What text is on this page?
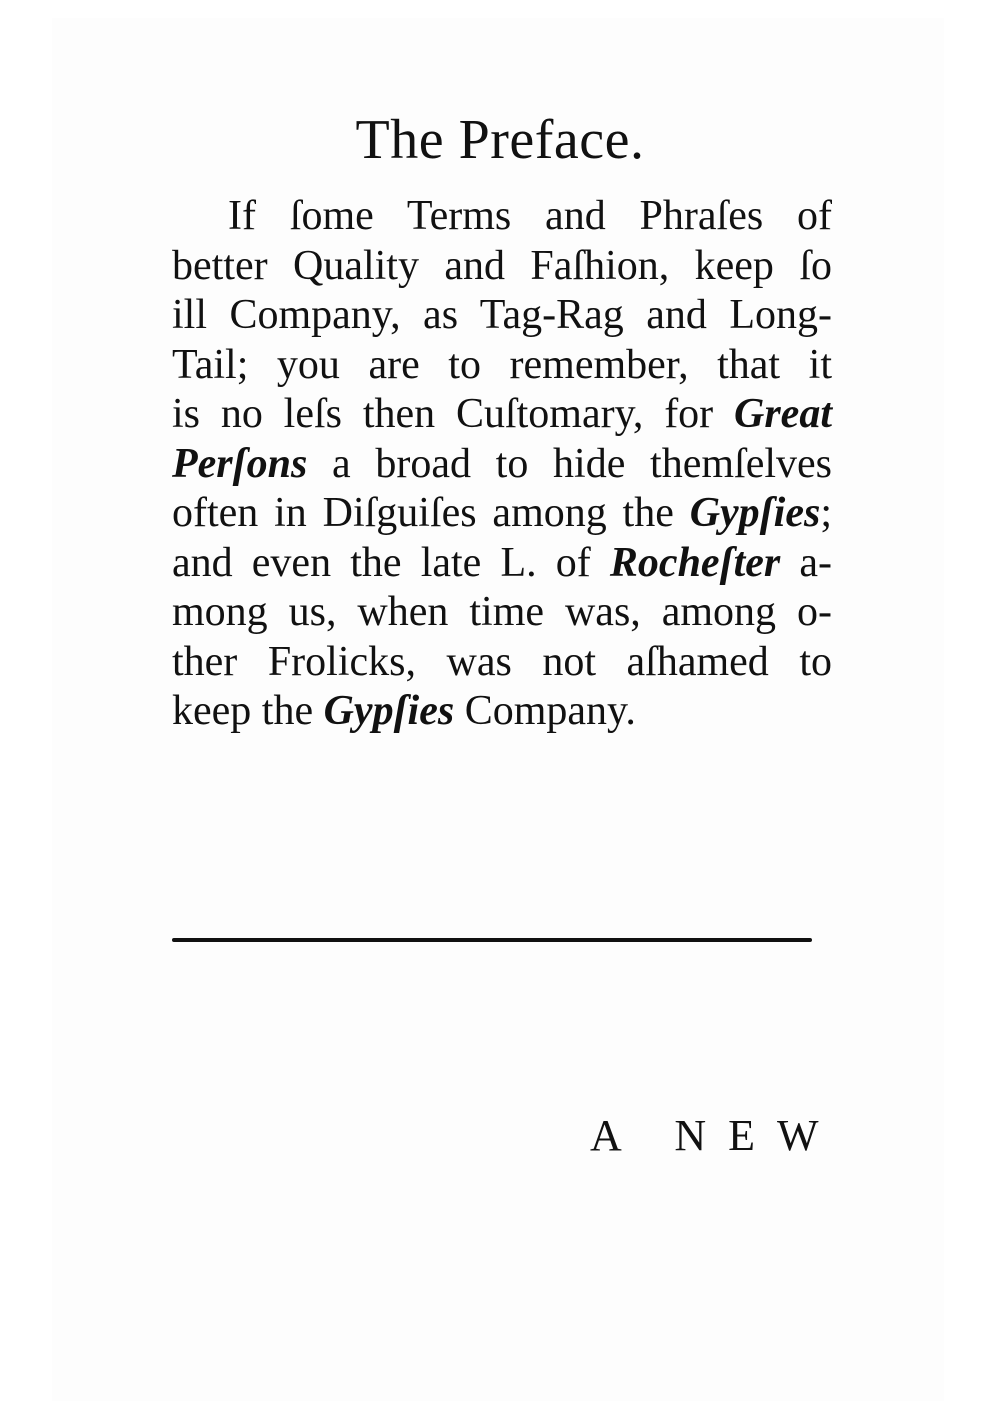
The Preface.
If ſome Terms and Phraſes of
better Quality and Faſhion, keep ſo
ill Company, as Tag-Rag and Long-
Tail; you are to remember, that it
is no leſs then Cuſtomary, for Great
Perſons a broad to hide themſelves
often in Diſguiſes among the Gypſies;
and even the late L. of Rocheſter a-
mong us, when time was, among o-
ther Frolicks, was not aſhamed to
keep the Gypſies Company.
A NEW
